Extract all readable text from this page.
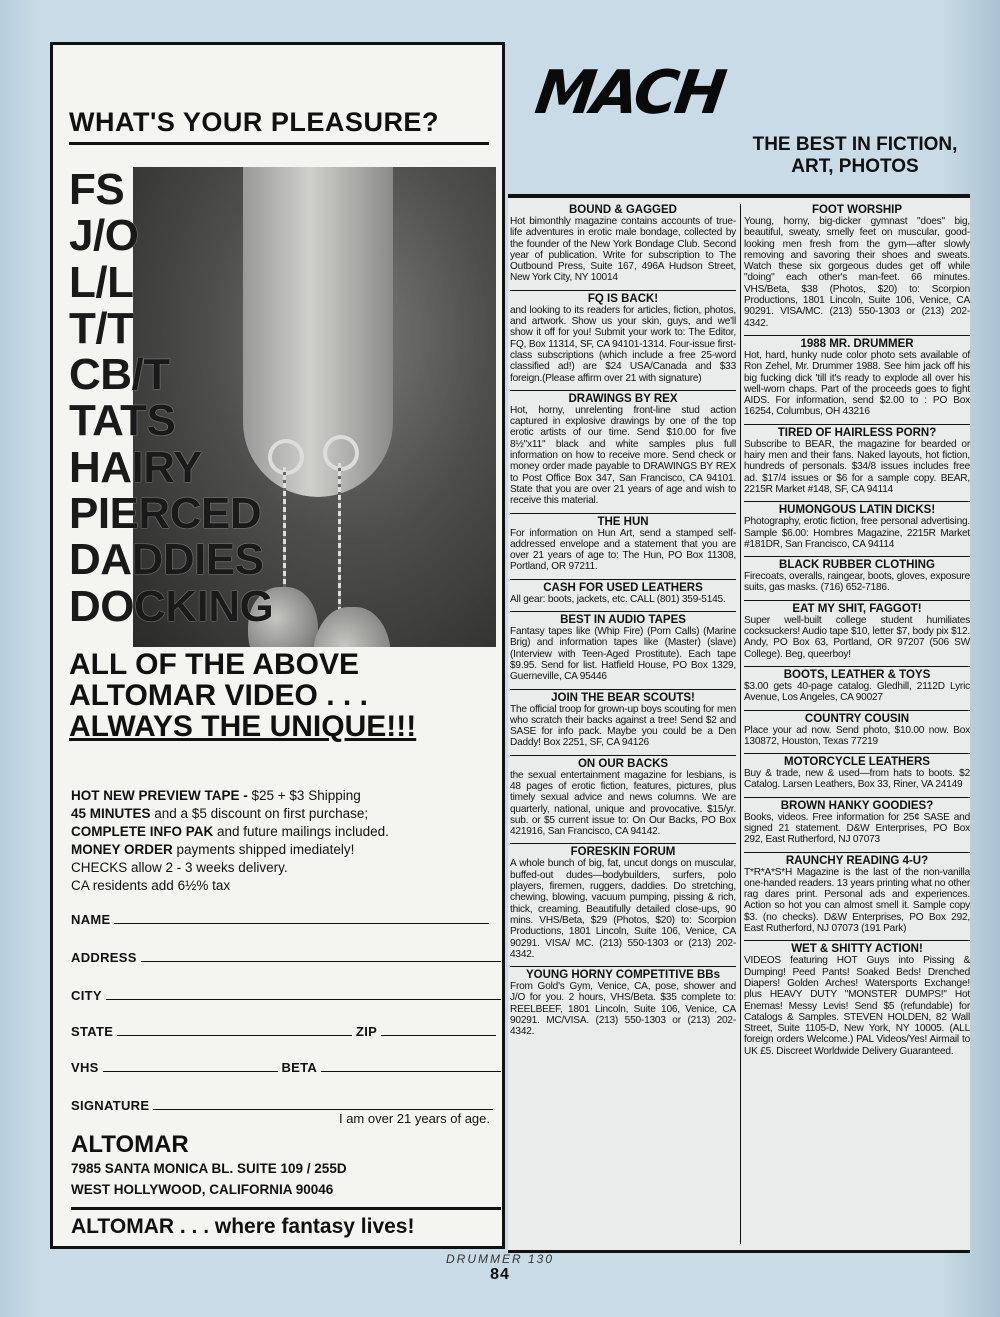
WHAT'S YOUR PLEASURE?
FS
J/O
L/L
T/T
CB/T
TATS
HAIRY
PIERCED
DADDIES
DOCKING
ALL OF THE ABOVE
ALTOMAR VIDEO . . .
ALWAYS THE UNIQUE!!!
HOT NEW PREVIEW TAPE - $25 + $3 Shipping
45 MINUTES and a $5 discount on first purchase;
COMPLETE INFO PAK and future mailings included.
MONEY ORDER payments shipped imediately!
CHECKS allow 2 - 3 weeks delivery.
CA residents add 6½% tax
NAME
ADDRESS
CITY
STATE	ZIP
VHS	BETA
SIGNATURE
I am over 21 years of age.
ALTOMAR
7985 SANTA MONICA BL. SUITE 109 / 255D
WEST HOLLYWOOD, CALIFORNIA 90046
ALTOMAR . . . where fantasy lives!
MACH
THE BEST IN FICTION,
ART, PHOTOS
BOUND & GAGGED

Hot bimonthly magazine contains accounts of true-life adventures in erotic male bondage, collected by the founder of the New York Bondage Club. Second year of publication. Write for subscription to The Outbound Press, Suite 167, 496A Hudson Street, New York City, NY 10014

FQ IS BACK!

and looking to its readers for articles, fiction, photos, and artwork. Show us your skin, guys, and we'll show it off for you! Submit your work to: The Editor, FQ, Box 11314, SF, CA 94101-1314. Four-issue first-class subscriptions (which include a free 25-word classified ad!) are $24 USA/Canada and $33 foreign.(Please affirm over 21 with signature)

DRAWINGS BY REX

Hot, horny, unrelenting front-line stud action captured in explosive drawings by one of the top erotic artists of our time. Send $10.00 for five 8½"x11" black and white samples plus full information on how to receive more. Send check or money order made payable to DRAWINGS BY REX to Post Office Box 347, San Francisco, CA 94101. State that you are over 21 years of age and wish to receive this material.

THE HUN

For information on Hun Art, send a stamped self-addressed envelope and a statement that you are over 21 years of age to: The Hun, PO Box 11308, Portland, OR 97211.

CASH FOR USED LEATHERS

All gear: boots, jackets, etc. CALL (801) 359-5145.

BEST IN AUDIO TAPES

Fantasy tapes like (Whip Fire) (Porn Calls) (Marine Brig) and information tapes like (Master) (slave) (Interview with Teen-Aged Prostitute). Each tape $9.95. Send for list. Hatfield House, PO Box 1329, Guerneville, CA 95446

JOIN THE BEAR SCOUTS!

The official troop for grown-up boys scouting for men who scratch their backs against a tree! Send $2 and SASE for info pack. Maybe you could be a Den Daddy! Box 2251, SF, CA 94126

ON OUR BACKS

the sexual entertainment magazine for lesbians, is 48 pages of erotic fiction, features, pictures, plus timely sexual advice and news columns. We are quarterly, national, unique and provocative. $15/yr. sub. or $5 current issue to: On Our Backs, PO Box 421916, San Francisco, CA 94142.

FORESKIN FORUM

A whole bunch of big, fat, uncut dongs on muscular, buffed-out dudes—bodybuilders, surfers, polo players, firemen, ruggers, daddies. Do stretching, chewing, blowing, vacuum pumping, pissing & rich, thick, creaming. Beautifully detailed close-ups, 90 mins. VHS/Beta, $29 (Photos, $20) to: Scorpion Productions, 1801 Lincoln, Suite 106, Venice, CA 90291. VISA/ MC. (213) 550-1303 or (213) 202-4342.

YOUNG HORNY COMPETITIVE BBs

From Gold's Gym, Venice, CA, pose, shower and J/O for you. 2 hours, VHS/Beta. $35 complete to: REELBEEF, 1801 Lincoln, Suite 106, Venice, CA 90291. MC/VISA. (213) 550-1303 or (213) 202-4342.

FOOT WORSHIP

Young, horny, big-dicker gymnast "does" big, beautiful, sweaty, smelly feet on muscular, good-looking men fresh from the gym—after slowly removing and savoring their shoes and sweats. Watch these six gorgeous dudes get off while "doing" each other's man-feet. 66 minutes. VHS/Beta, $38 (Photos, $20) to: Scorpion Productions, 1801 Lincoln, Suite 106, Venice, CA 90291. VISA/MC. (213) 550-1303 or (213) 202-4342.

1988 MR. DRUMMER

Hot, hard, hunky nude color photo sets available of Ron Zehel, Mr. Drummer 1988. See him jack off his big fucking dick 'till it's ready to explode all over his well-worn chaps. Part of the proceeds goes to fight AIDS. For information, send $2.00 to : PO Box 16254, Columbus, OH 43216

TIRED OF HAIRLESS PORN?

Subscribe to BEAR, the magazine for bearded or hairy men and their fans. Naked layouts, hot fiction, hundreds of personals. $34/8 issues includes free ad. $17/4 issues or $6 for a sample copy. BEAR, 2215R Market #148, SF, CA 94114

HUMONGOUS LATIN DICKS!

Photography, erotic fiction, free personal advertising. Sample $6.00: Hombres Magazine, 2215R Market #181DR, San Francisco, CA 94114

BLACK RUBBER CLOTHING

Firecoats, overalls, raingear, boots, gloves, exposure suits, gas masks. (716) 652-7186.

EAT MY SHIT, FAGGOT!

Super well-built college student humiliates cocksuckers! Audio tape $10, letter $7, body pix $12. Andy, PO Box 63, Portland, OR 97207 (506 SW College). Beg, queerboy!

BOOTS, LEATHER & TOYS

$3.00 gets 40-page catalog. Gledhill, 2112D Lyric Avenue, Los Angeles, CA 90027

COUNTRY COUSIN

Place your ad now. Send photo, $10.00 now. Box 130872, Houston, Texas 77219

MOTORCYCLE LEATHERS

Buy & trade, new & used—from hats to boots. $2 Catalog. Larsen Leathers, Box 33, Riner, VA 24149

BROWN HANKY GOODIES?

Books, videos. Free information for 25¢ SASE and signed 21 statement. D&W Enterprises, PO Box 292, East Rutherford, NJ 07073

RAUNCHY READING 4-U?

T*R*A*S*H Magazine is the last of the non-vanilla one-handed readers. 13 years printing what no other rag dares print. Personal ads and experiences. Action so hot you can almost smell it. Sample copy $3. (no checks). D&W Enterprises, PO Box 292, East Rutherford, NJ 07073 (191 Park)

WET & SHITTY ACTION!

VIDEOS featuring HOT Guys into Pissing & Dumping! Peed Pants! Soaked Beds! Drenched Diapers! Golden Arches! Watersports Exchange! plus HEAVY DUTY "MONSTER DUMPS!" Hot Enemas! Messy Levis! Send $5 (refundable) for Catalogs & Samples. STEVEN HOLDEN, 82 Wall Street, Suite 1105-D, New York, NY 10005. (ALL foreign orders Welcome.) PAL Videos/Yes! Airmail to UK £5. Discreet Worldwide Delivery Guaranteed.

DRUMMER 130
84
